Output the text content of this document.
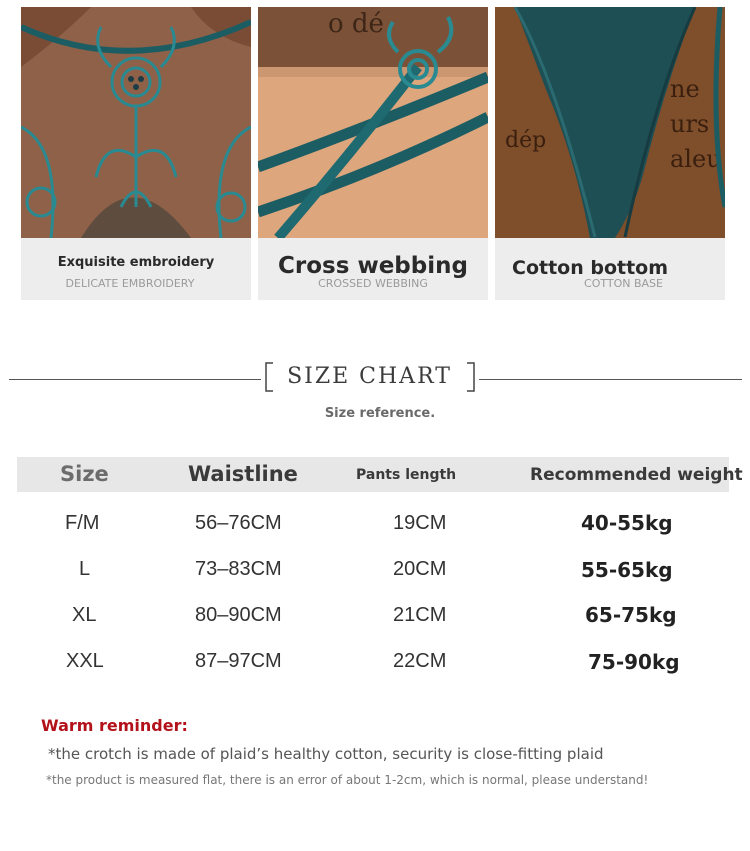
Exquisite embroidery
DELICATE EMBROIDERY
o dé
Cross webbing
CROSSED WEBBING
ne
urs
aleu
dép
Cotton bottom
COTTON BASE
SIZE CHART
Size reference.
Size	Waistline	Pants length	Recommended weight
F/M	56–76CM	19CM	40-55kg
L	73–83CM	20CM	55-65kg
XL	80–90CM	21CM	65-75kg
XXL	87–97CM	22CM	75-90kg
Warm reminder:
*the crotch is made of plaid’s healthy cotton, security is close-fitting plaid
*the product is measured flat, there is an error of about 1-2cm, which is normal, please understand!
